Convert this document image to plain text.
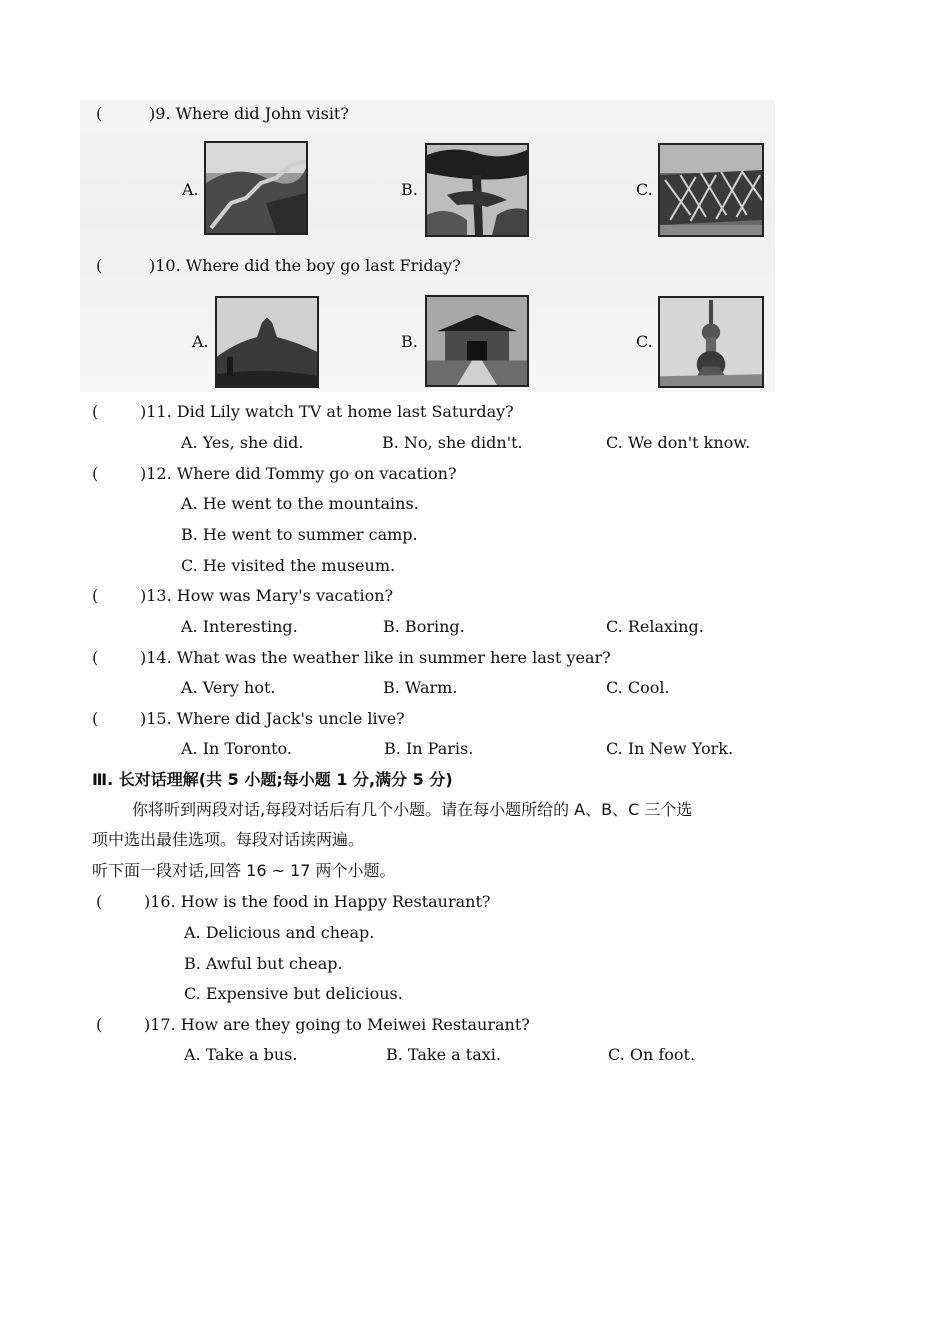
(	)9. Where did John visit?
A.	B.	C.
(	)10. Where did the boy go last Friday?
A.	B.	C.
(	)11. Did Lily watch TV at home last Saturday?
A. Yes, she did.	B. No, she didn't.	C. We don't know.
(	)12. Where did Tommy go on vacation?
A. He went to the mountains.
B. He went to summer camp.
C. He visited the museum.
(	)13. How was Mary's vacation?
A. Interesting.	B. Boring.	C. Relaxing.
(	)14. What was the weather like in summer here last year?
A. Very hot.	B. Warm.	C. Cool.
(	)15. Where did Jack's uncle live?
A. In Toronto.	B. In Paris.	C. In New York.
Ⅲ. 长对话理解(共 5 小题;每小题 1 分,满分 5 分)
你将听到两段对话,每段对话后有几个小题。请在每小题所给的 A、B、C 三个选
项中选出最佳选项。每段对话读两遍。
听下面一段对话,回答 16 ~ 17 两个小题。
(	)16. How is the food in Happy Restaurant?
A. Delicious and cheap.
B. Awful but cheap.
C. Expensive but delicious.
(	)17. How are they going to Meiwei Restaurant?
A. Take a bus.	B. Take a taxi.	C. On foot.
